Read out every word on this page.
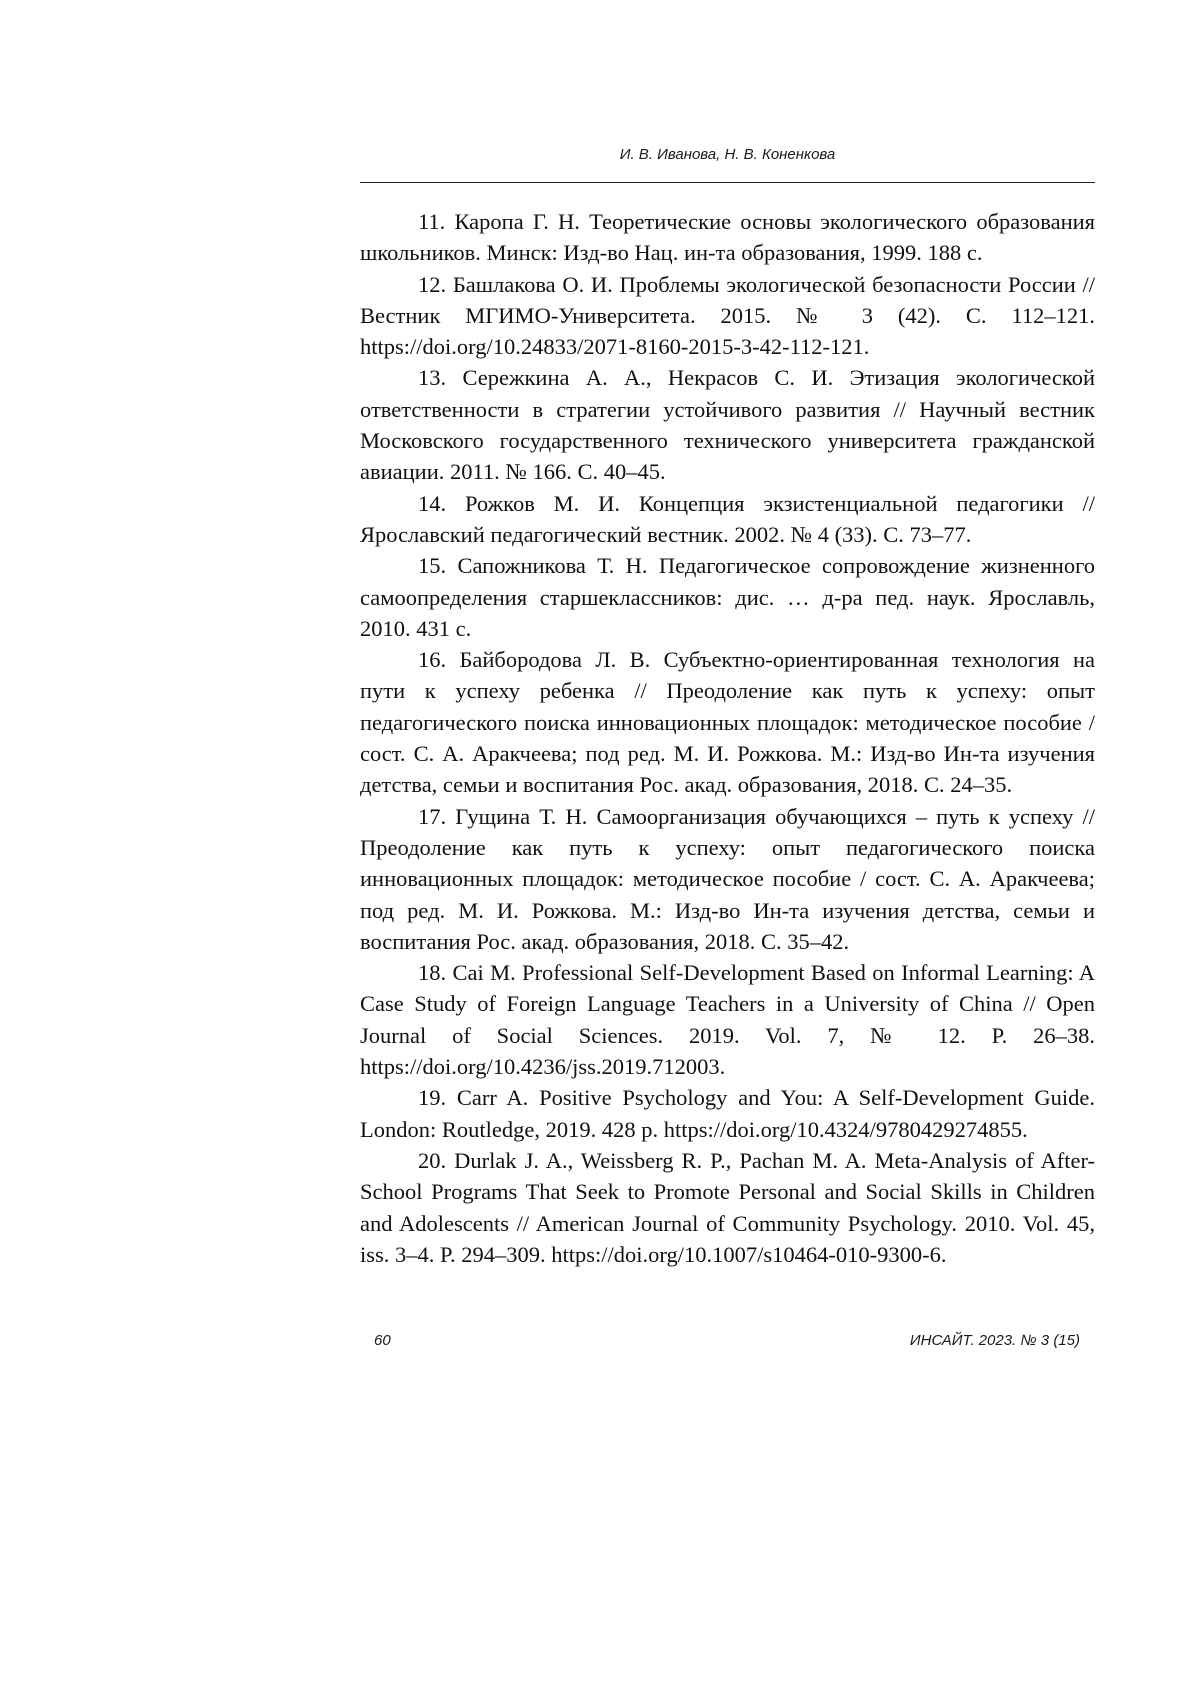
И. В. Иванова, Н. В. Коненкова
11. Каропа Г. Н. Теоретические основы экологического образования школьников. Минск: Изд-во Нац. ин-та образования, 1999. 188 с.
12. Башлакова О. И. Проблемы экологической безопасности России // Вестник МГИМО-Университета. 2015. № 3 (42). С. 112–121. https://doi.org/10.24833/2071-8160-2015-3-42-112-121.
13. Сережкина А. А., Некрасов С. И. Этизация экологической ответственности в стратегии устойчивого развития // Научный вестник Московского государственного технического университета гражданской авиации. 2011. № 166. С. 40–45.
14. Рожков М. И. Концепция экзистенциальной педагогики // Ярославский педагогический вестник. 2002. № 4 (33). С. 73–77.
15. Сапожникова Т. Н. Педагогическое сопровождение жизненного самоопределения старшеклассников: дис. … д-ра пед. наук. Ярославль, 2010. 431 с.
16. Байбородова Л. В. Субъектно-ориентированная технология на пути к успеху ребенка // Преодоление как путь к успеху: опыт педагогического поиска инновационных площадок: методическое пособие / сост. С. А. Аракчеева; под ред. М. И. Рожкова. М.: Изд-во Ин-та изучения детства, семьи и воспитания Рос. акад. образования, 2018. С. 24–35.
17. Гущина Т. Н. Самоорганизация обучающихся – путь к успеху // Преодоление как путь к успеху: опыт педагогического поиска инновационных площадок: методическое пособие / сост. С. А. Аракчеева; под ред. М. И. Рожкова. М.: Изд-во Ин-та изучения детства, семьи и воспитания Рос. акад. образования, 2018. С. 35–42.
18. Cai M. Professional Self-Development Based on Informal Learning: A Case Study of Foreign Language Teachers in a University of China // Open Journal of Social Sciences. 2019. Vol. 7, № 12. P. 26–38. https://doi.org/10.4236/jss.2019.712003.
19. Carr A. Positive Psychology and You: A Self-Development Guide. London: Routledge, 2019. 428 p. https://doi.org/10.4324/9780429274855.
20. Durlak J. A., Weissberg R. P., Pachan M. A. Meta-Analysis of After-School Programs That Seek to Promote Personal and Social Skills in Children and Adolescents // American Journal of Community Psychology. 2010. Vol. 45, iss. 3–4. P. 294–309. https://doi.org/10.1007/s10464-010-9300-6.
60	ИНСАЙТ. 2023. № 3 (15)
